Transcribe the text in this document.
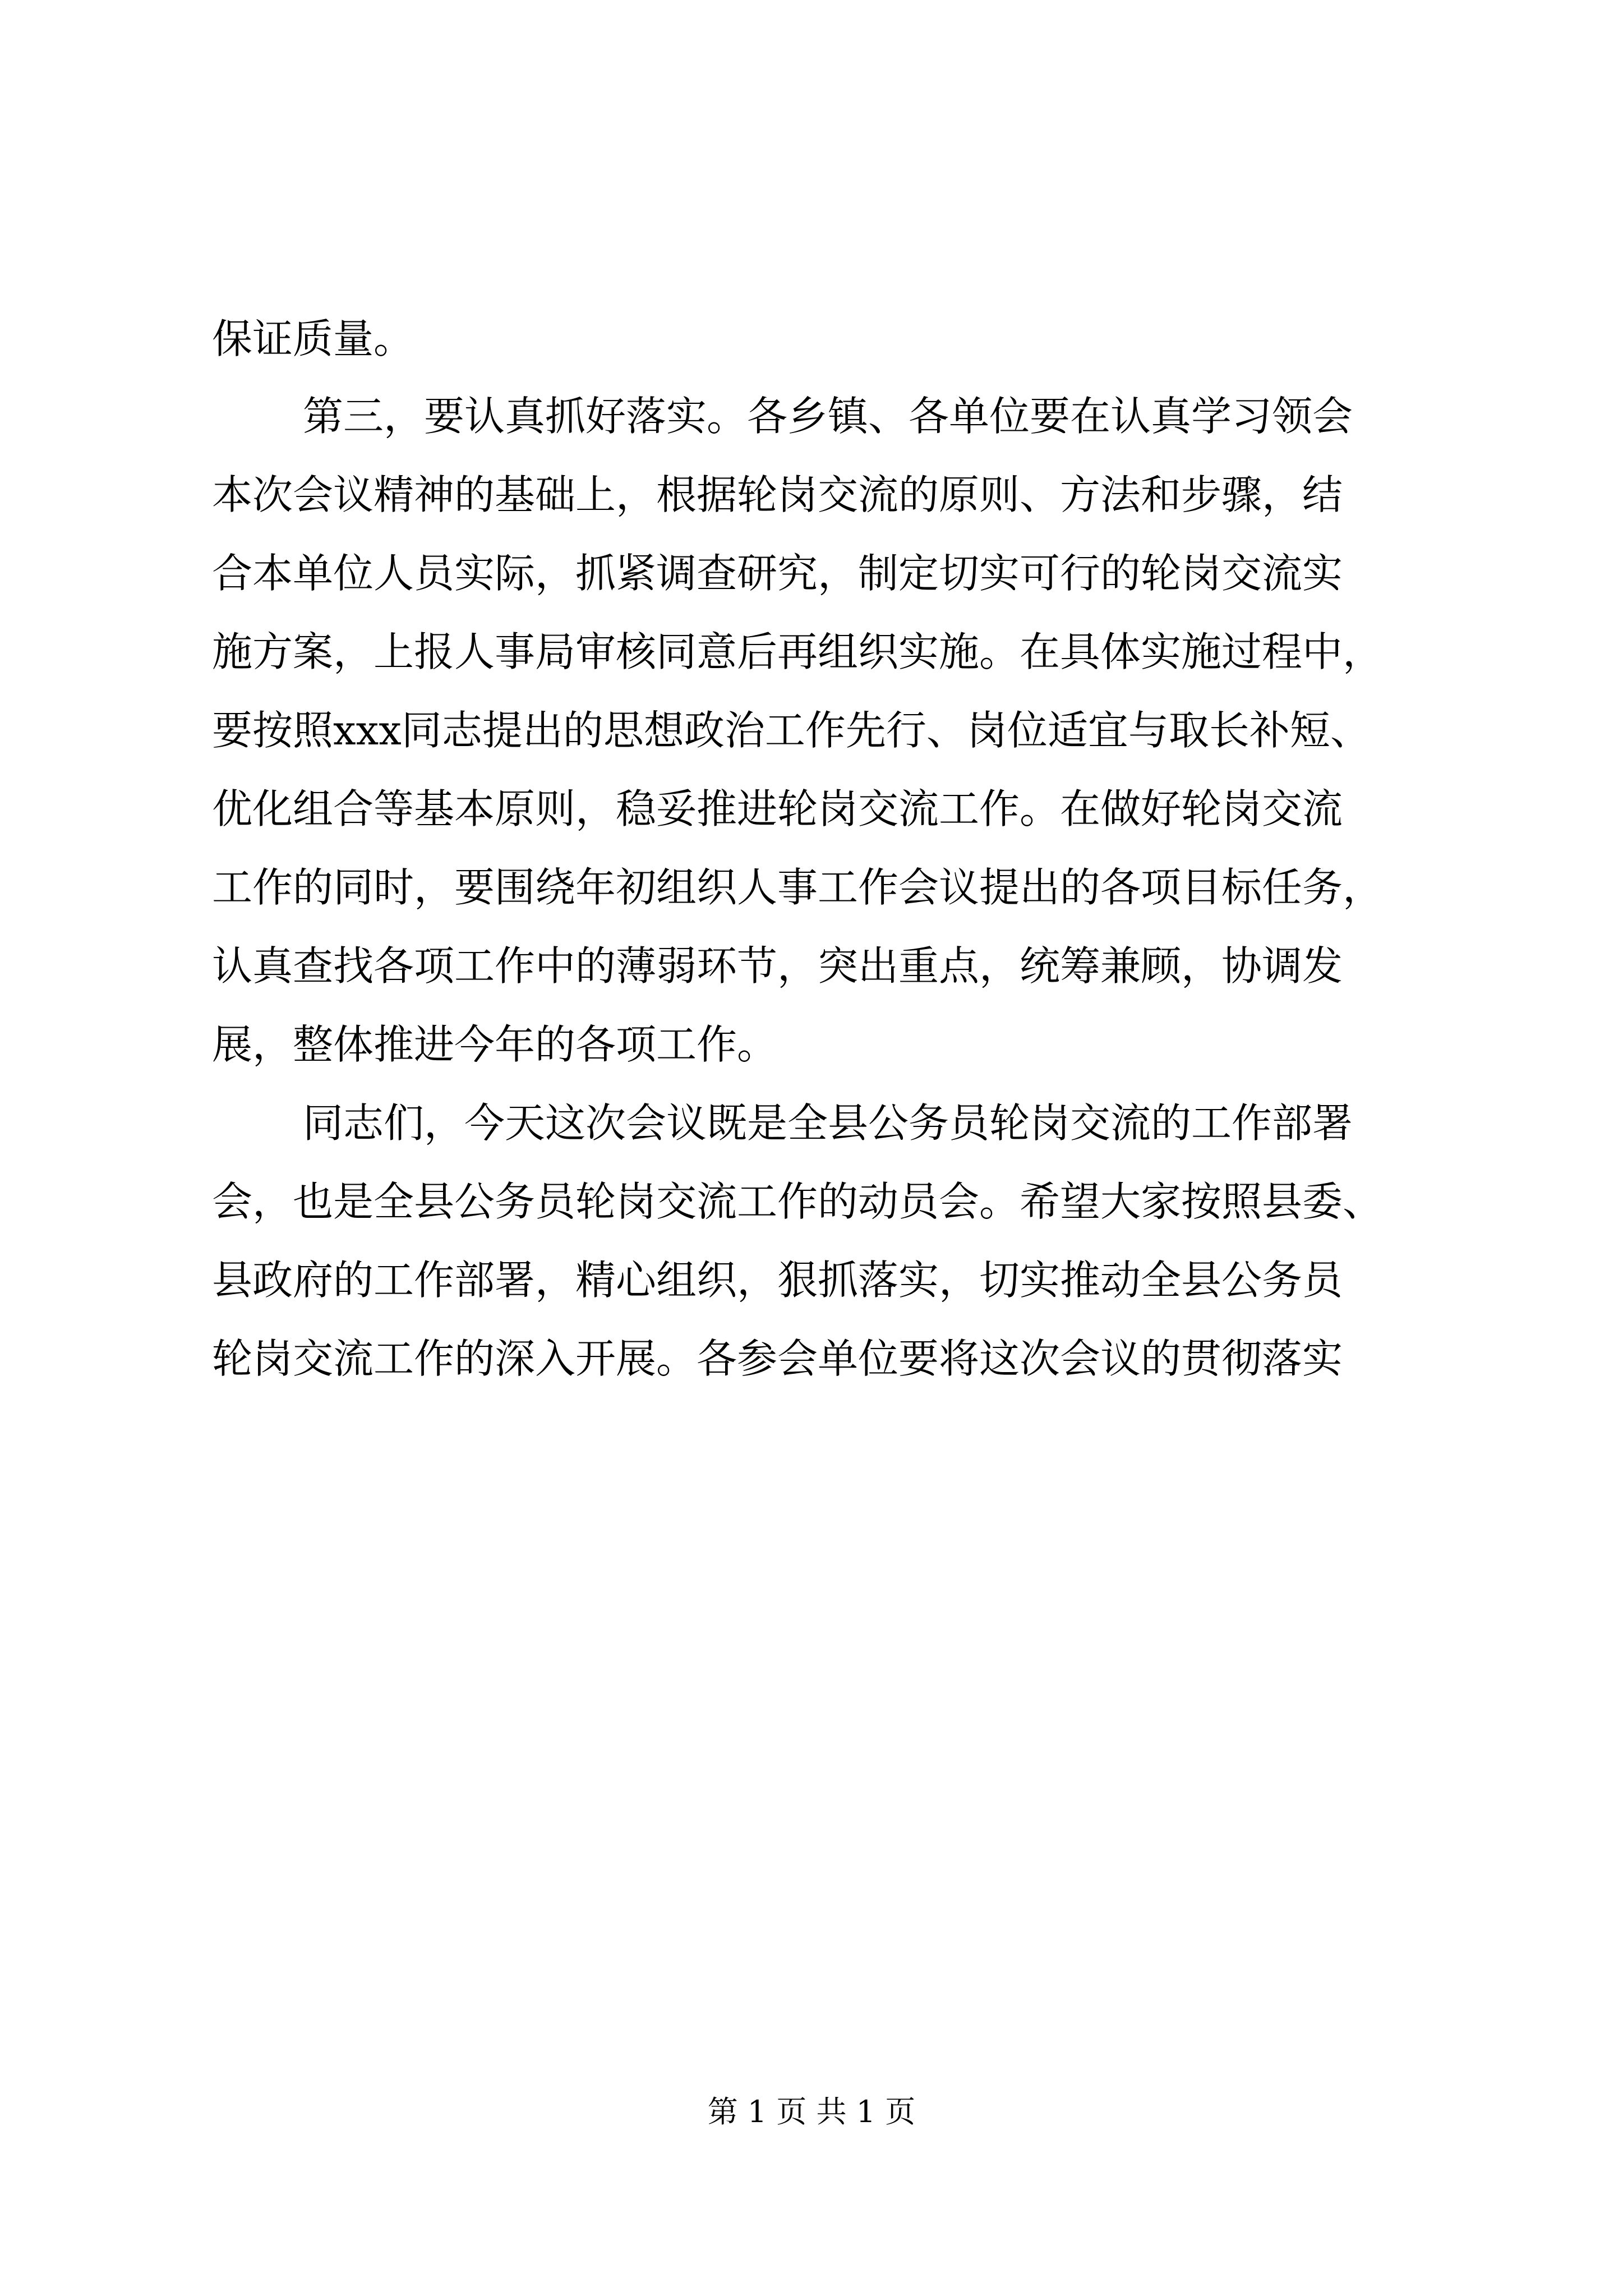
保证质量。
第三，要认真抓好落实。各乡镇、各单位要在认真学习领会
本次会议精神的基础上，根据轮岗交流的原则、方法和步骤，结
合本单位人员实际，抓紧调查研究，制定切实可行的轮岗交流实
施方案，上报人事局审核同意后再组织实施。在具体实施过程中，
要按照xxx同志提出的思想政治工作先行、岗位适宜与取长补短、
优化组合等基本原则，稳妥推进轮岗交流工作。在做好轮岗交流
工作的同时，要围绕年初组织人事工作会议提出的各项目标任务，
认真查找各项工作中的薄弱环节，突出重点，统筹兼顾，协调发
展，整体推进今年的各项工作。
同志们，今天这次会议既是全县公务员轮岗交流的工作部署
会，也是全县公务员轮岗交流工作的动员会。希望大家按照县委、
县政府的工作部署，精心组织，狠抓落实，切实推动全县公务员
轮岗交流工作的深入开展。各参会单位要将这次会议的贯彻落实
第 1 页 共 1 页
